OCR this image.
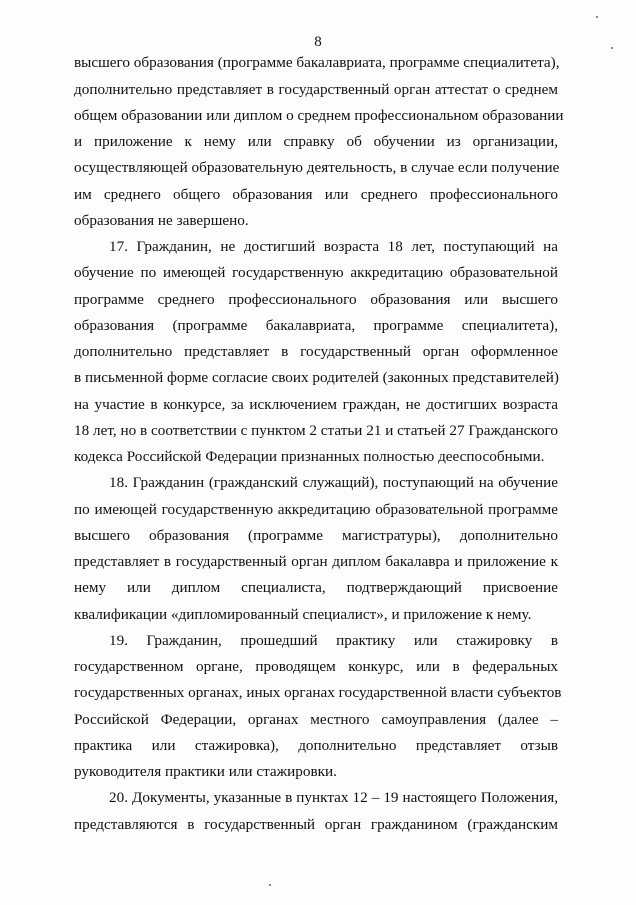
8
высшего образования (программе бакалавриата, программе специалитета),
дополнительно представляет в государственный орган аттестат о среднем
общем образовании или диплом о среднем профессиональном образовании
и приложение к нему или справку об обучении из организации,
осуществляющей образовательную деятельность, в случае если получение
им среднего общего образования или среднего профессионального
образования не завершено.
17. Гражданин, не достигший возраста 18 лет, поступающий на
обучение по имеющей государственную аккредитацию образовательной
программе среднего профессионального образования или высшего
образования (программе бакалавриата, программе специалитета),
дополнительно представляет в государственный орган оформленное
в письменной форме согласие своих родителей (законных представителей)
на участие в конкурсе, за исключением граждан, не достигших возраста
18 лет, но в соответствии с пунктом 2 статьи 21 и статьей 27 Гражданского
кодекса Российской Федерации признанных полностью дееспособными.
18. Гражданин (гражданский служащий), поступающий на обучение
по имеющей государственную аккредитацию образовательной программе
высшего образования (программе магистратуры), дополнительно
представляет в государственный орган диплом бакалавра и приложение к
нему или диплом специалиста, подтверждающий присвоение
квалификации «дипломированный специалист», и приложение к нему.
19. Гражданин, прошедший практику или стажировку в
государственном органе, проводящем конкурс, или в федеральных
государственных органах, иных органах государственной власти субъектов
Российской Федерации, органах местного самоуправления (далее –
практика или стажировка), дополнительно представляет отзыв
руководителя практики или стажировки.
20. Документы, указанные в пунктах 12 – 19 настоящего Положения,
представляются в государственный орган гражданином (гражданским
